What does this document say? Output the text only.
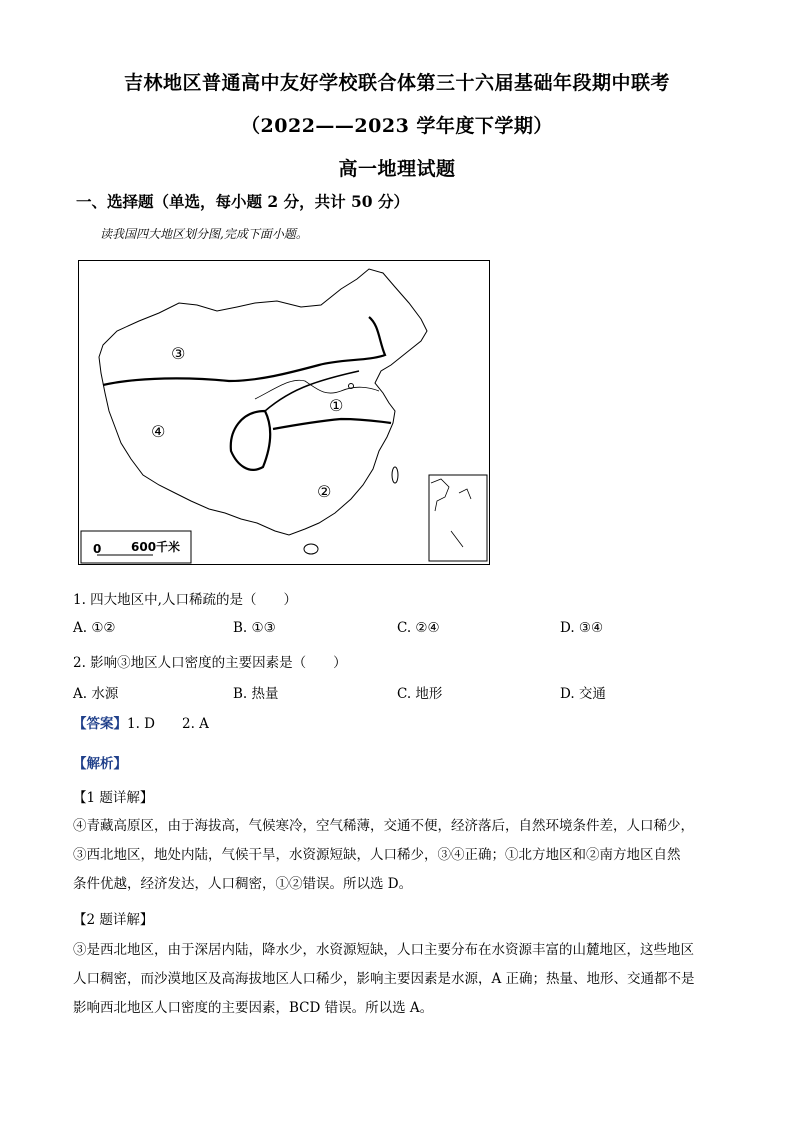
吉林地区普通高中友好学校联合体第三十六届基础年段期中联考
（2022——2023 学年度下学期）
高一地理试题
一、选择题（单选，每小题 2 分，共计 50 分）
读我国四大地区划分图,完成下面小题。
③
④
①
②
0 600千米
1. 四大地区中,人口稀疏的是（　　）
A. ①②	B. ①③	C. ②④	D. ③④
2. 影响③地区人口密度的主要因素是（　　）
A. 水源	B. 热量	C. 地形	D. 交通
【答案】1. D　　2. A
【解析】
【1 题详解】
④青藏高原区，由于海拔高，气候寒冷，空气稀薄，交通不便，经济落后，自然环境条件差，人口稀少，
③西北地区，地处内陆，气候干旱，水资源短缺，人口稀少，③④正确；①北方地区和②南方地区自然
条件优越，经济发达，人口稠密，①②错误。所以选 D。
【2 题详解】
③是西北地区，由于深居内陆，降水少，水资源短缺，人口主要分布在水资源丰富的山麓地区，这些地区
人口稠密，而沙漠地区及高海拔地区人口稀少，影响主要因素是水源，A 正确；热量、地形、交通都不是
影响西北地区人口密度的主要因素，BCD 错误。所以选 A。
